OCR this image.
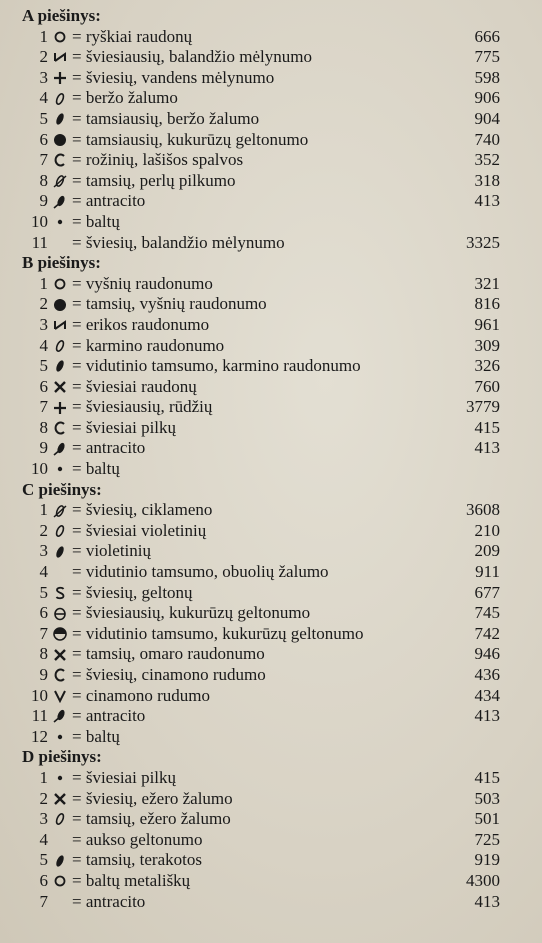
A piešinys:
1 = ryškiai raudonų	666
2 = šviesiausių, balandžio mėlynumo	775
3 = šviesių, vandens mėlynumo	598
4 = beržo žalumo	906
5 = tamsiausių, beržo žalumo	904
6 = tamsiausių, kukurūzų geltonumo	740
7 = rožinių, lašišos spalvos	352
8 = tamsių, perlų pilkumo	318
9 = antracito	413
10 = baltų
11 = šviesių, balandžio mėlynumo	3325
B piešinys:
1 = vyšnių raudonumo	321
2 = tamsių, vyšnių raudonumo	816
3 = erikos raudonumo	961
4 = karmino raudonumo	309
5 = vidutinio tamsumo, karmino raudonumo	326
6 = šviesiai raudonų	760
7 = šviesiausių, rūdžių	3779
8 = šviesiai pilkų	415
9 = antracito	413
10 = baltų
C piešinys:
1 = šviesių, ciklameno	3608
2 = šviesiai violetinių	210
3 = violetinių	209
4 = vidutinio tamsumo, obuolių žalumo	911
5 = šviesių, geltonų	677
6 = šviesiausių, kukurūzų geltonumo	745
7 = vidutinio tamsumo, kukurūzų geltonumo	742
8 = tamsių, omaro raudonumo	946
9 = šviesių, cinamono rudumo	436
10 = cinamono rudumo	434
11 = antracito	413
12 = baltų
D piešinys:
1 = šviesiai pilkų	415
2 = šviesių, ežero žalumo	503
3 = tamsių, ežero žalumo	501
4 = aukso geltonumo	725
5 = tamsių, terakotos	919
6 = baltų metališkų	4300
7 = antracito	413
